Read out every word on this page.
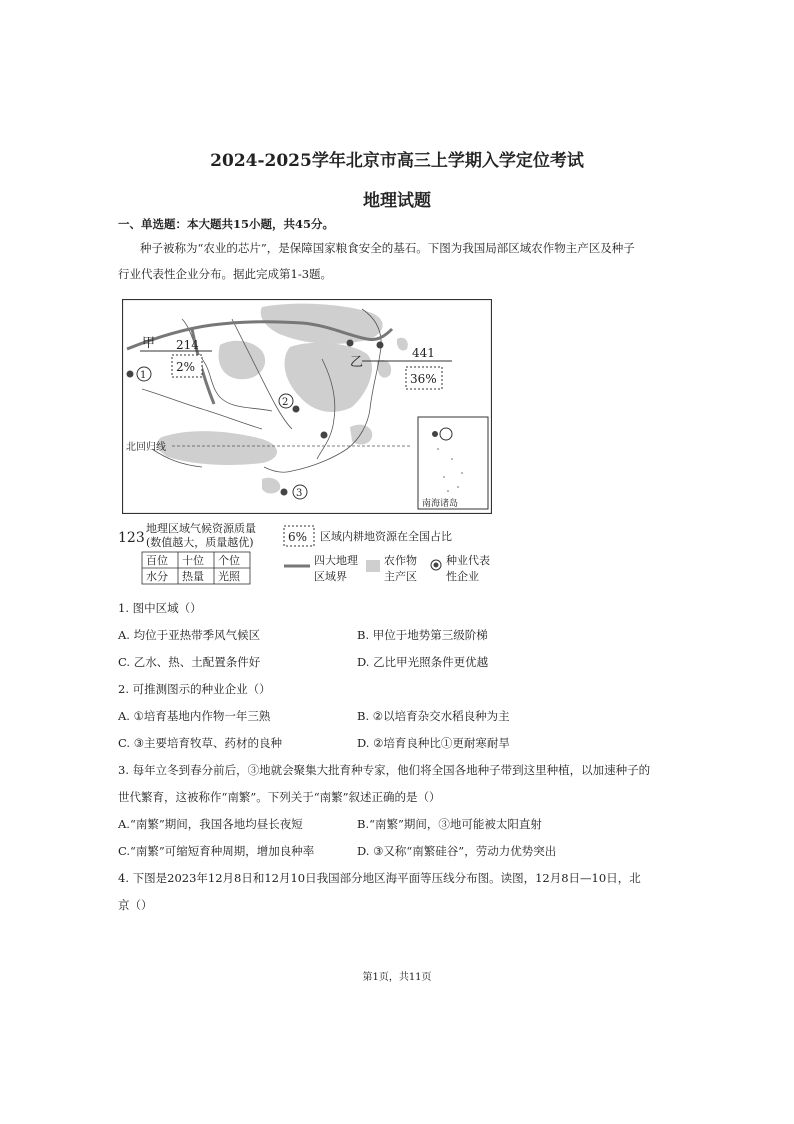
2024-2025学年北京市高三上学期入学定位考试
地理试题
一、单选题：本大题共15小题，共45分。
种子被称为“农业的芯片”，是保障国家粮食安全的基石。下图为我国局部区域农作物主产区及种子
行业代表性企业分布。据此完成第1-3题。
北回归线
甲 214
2%	乙
441
36%
1
2
3
南海诸岛
123
地理区域气候资源质量
(数值越大，质量越优)
百位 十位 个位
水分 热量 光照
6% 区域内耕地资源在全国占比
四大地理
区域界
农作物
主产区
种业代表
性企业
1. 图中区域（）
A. 均位于亚热带季风气候区	B. 甲位于地势第三级阶梯
C. 乙水、热、土配置条件好	D. 乙比甲光照条件更优越
2. 可推测图示的种业企业（）
A. ①培育基地内作物一年三熟	B. ②以培育杂交水稻良种为主
C. ③主要培育牧草、药材的良种	D. ②培育良种比①更耐寒耐旱
3. 每年立冬到春分前后，③地就会聚集大批育种专家，他们将全国各地种子带到这里种植，以加速种子的
世代繁育，这被称作“南繁”。下列关于“南繁”叙述正确的是（）
A.“南繁”期间，我国各地均昼长夜短	B.“南繁”期间，③地可能被太阳直射
C.“南繁”可缩短育种周期，增加良种率	D. ③又称“南繁硅谷”，劳动力优势突出
4. 下图是2023年12月8日和12月10日我国部分地区海平面等压线分布图。读图，12月8日—10日，北
京（）
第1页，共11页
